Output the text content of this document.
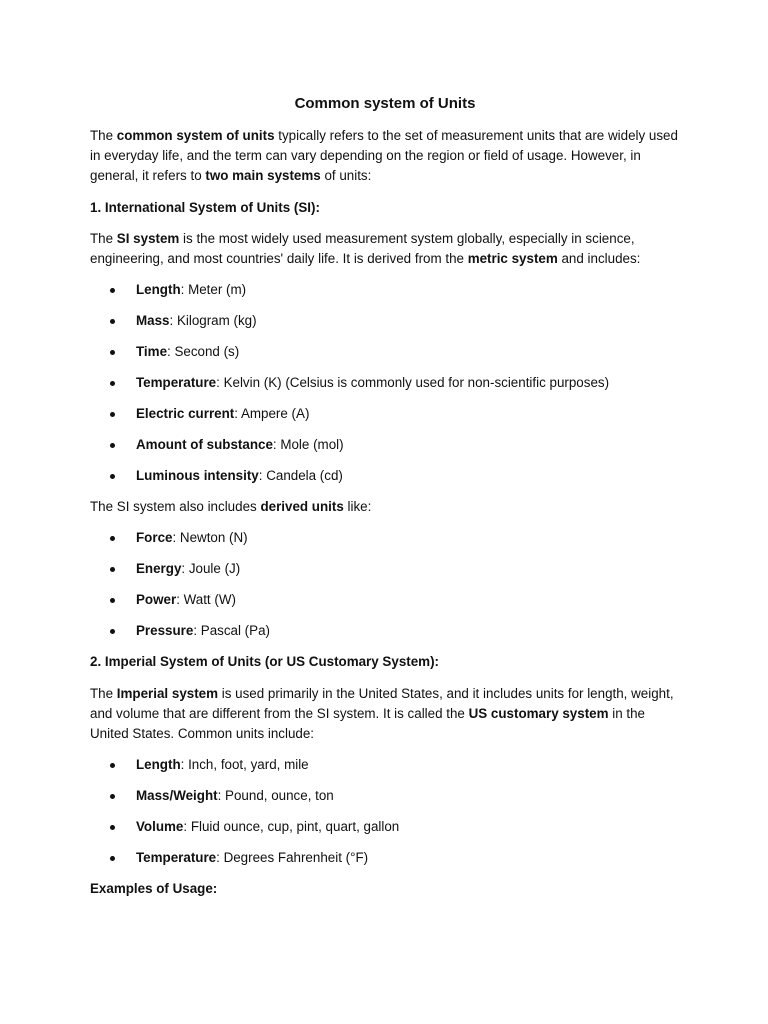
Common system of Units

The common system of units typically refers to the set of measurement units that are widely used in everyday life, and the term can vary depending on the region or field of usage. However, in general, it refers to two main systems of units:

1. International System of Units (SI):

The SI system is the most widely used measurement system globally, especially in science, engineering, and most countries' daily life. It is derived from the metric system and includes:

Length: Meter (m)
Mass: Kilogram (kg)
Time: Second (s)
Temperature: Kelvin (K) (Celsius is commonly used for non-scientific purposes)
Electric current: Ampere (A)
Amount of substance: Mole (mol)
Luminous intensity: Candela (cd)

The SI system also includes derived units like:

Force: Newton (N)
Energy: Joule (J)
Power: Watt (W)
Pressure: Pascal (Pa)
2. Imperial System of Units (or US Customary System):

The Imperial system is used primarily in the United States, and it includes units for length, weight, and volume that are different from the SI system. It is called the US customary system in the United States. Common units include:

Length: Inch, foot, yard, mile
Mass/Weight: Pound, ounce, ton
Volume: Fluid ounce, cup, pint, quart, gallon
Temperature: Degrees Fahrenheit (°F)
Examples of Usage:
